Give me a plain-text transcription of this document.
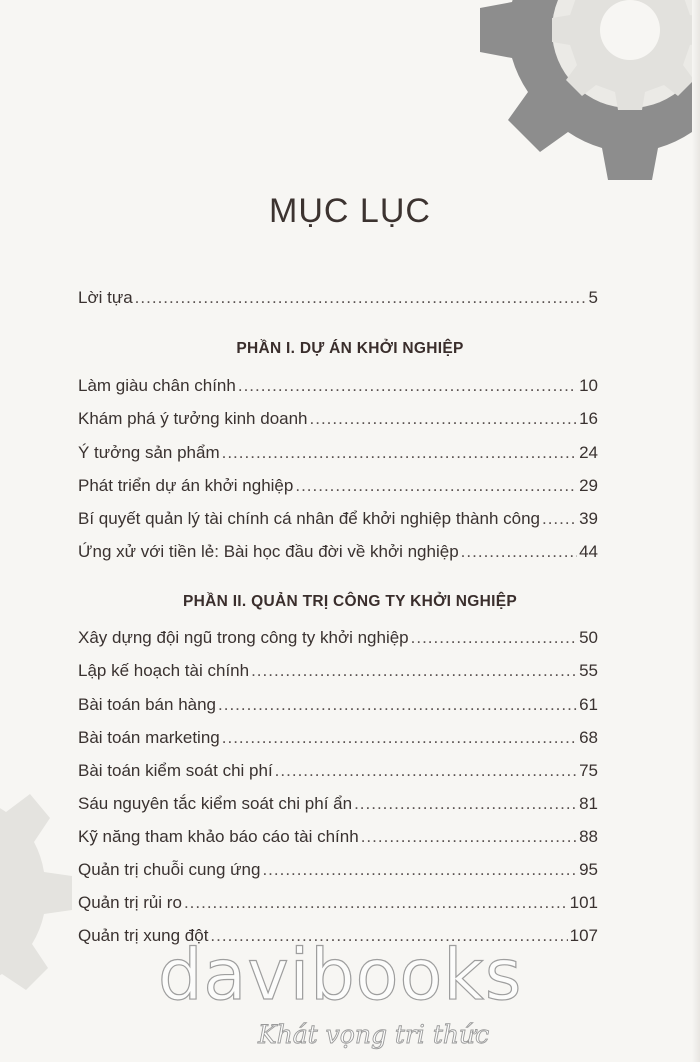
MỤC LỤC
Lời tựa .....	5
PHẦN I. DỰ ÁN KHỞI NGHIỆP
Làm giàu chân chính .....	10
Khám phá ý tưởng kinh doanh .....	16
Ý tưởng sản phẩm .....	24
Phát triển dự án khởi nghiệp .....	29
Bí quyết quản lý tài chính cá nhân để khởi nghiệp thành công ..... 39
Ứng xử với tiền lẻ: Bài học đầu đời về khởi nghiệp .....	44
PHẦN II. QUẢN TRỊ CÔNG TY KHỞI NGHIỆP
Xây dựng đội ngũ trong công ty khởi nghiệp .....	50
Lập kế hoạch tài chính .....	55
Bài toán bán hàng .....	61
Bài toán marketing .....	68
Bài toán kiểm soát chi phí .....	75
Sáu nguyên tắc kiểm soát chi phí ẩn .....	81
Kỹ năng tham khảo báo cáo tài chính .....	88
Quản trị chuỗi cung ứng .....	95
Quản trị rủi ro .....	101
Quản trị xung đột .....	107
davibooks
Khát vọng tri thức
